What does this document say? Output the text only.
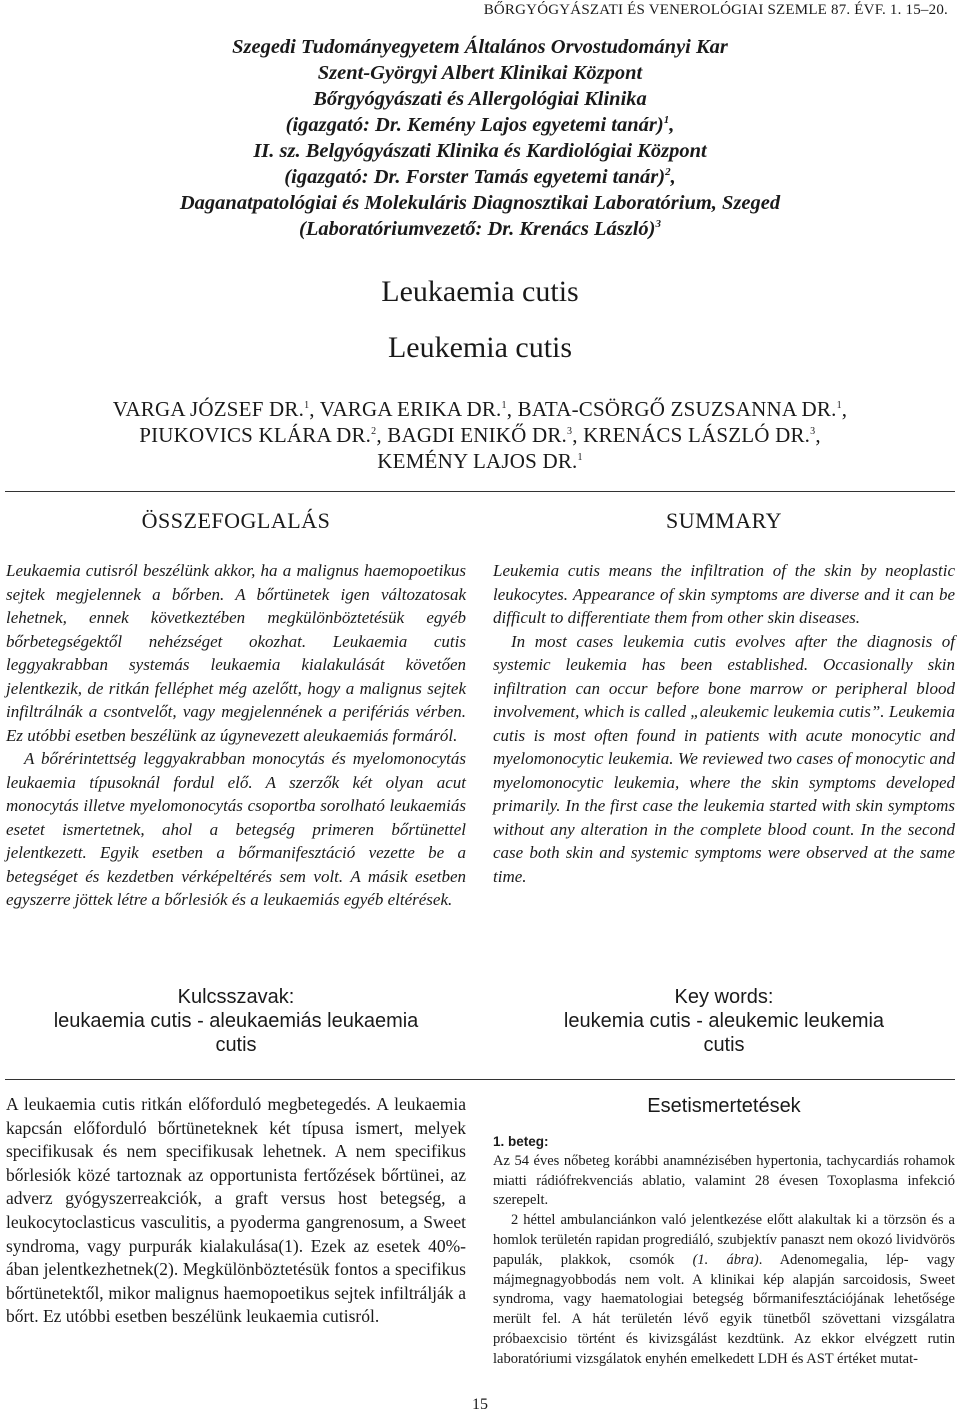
BŐRGYÓGYÁSZATI ÉS VENEROLÓGIAI SZEMLE 87. ÉVF. 1. 15–20.
Szegedi Tudományegyetem Általános Orvostudományi Kar
Szent-Györgyi Albert Klinikai Központ
Bőrgyógyászati és Allergológiai Klinika
(igazgató: Dr. Kemény Lajos egyetemi tanár)$^1$,
II. sz. Belgyógyászati Klinika és Kardiológiai Központ
(igazgató: Dr. Forster Tamás egyetemi tanár)$^2$,
Daganatpatológiai és Molekuláris Diagnosztikai Laboratórium, Szeged
(Laboratóriumvezető: Dr. Krenács László)$^3$
Leukaemia cutis
Leukemia cutis
VARGA JÓZSEF DR.$^1$, VARGA ERIKA DR.$^1$, BATA-CSÖRGŐ ZSUZSANNA DR.$^1$,
PIUKOVICS KLÁRA DR.$^2$, BAGDI ENIKŐ DR.$^3$, KRENÁCS LÁSZLÓ DR.$^3$,
KEMÉNY LAJOS DR.$^1$
ÖSSZEFOGLALÁS

Leukaemia cutisról beszélünk akkor, ha a malignus haemopoetikus sejtek megjelennek a bőrben. A bőrtünetek igen változatosak lehetnek, ennek következtében megkülönböztetésük egyéb bőrbetegségektől nehézséget okozhat. Leukaemia cutis leggyakrabban systemás leukaemia kialakulását követően jelentkezik, de ritkán felléphet még azelőtt, hogy a malignus sejtek infiltrálnák a csontvelőt, vagy megjelennének a perifériás vérben. Ez utóbbi esetben beszélünk az úgynevezett aleukaemiás formáról.

A bőrérintettség leggyakrabban monocytás és myelomonocytás leukaemia típusoknál fordul elő. A szerzők két olyan acut monocytás illetve myelomonocytás csoportba sorolható leukaemiás esetet ismertetnek, ahol a betegség primeren bőrtünettel jelentkezett. Egyik esetben a bőrmanifesztáció vezette be a betegséget és kezdetben vérképeltérés sem volt. A másik esetben egyszerre jöttek létre a bőrlesiók és a leukaemiás egyéb eltérések.

Kulcsszavak:
leukaemia cutis - aleukaemiás leukaemia
cutis
SUMMARY

Leukemia cutis means the infiltration of the skin by neoplastic leukocytes. Appearance of skin symptoms are diverse and it can be difficult to differentiate them from other skin diseases.

In most cases leukemia cutis evolves after the diagnosis of systemic leukemia has been established. Occasionally skin infiltration can occur before bone marrow or peripheral blood involvement, which is called „aleukemic leukemia cutis”. Leukemia cutis is most often found in patients with acute monocytic and myelomonocytic leukemia. We reviewed two cases of monocytic and myelomonocytic leukemia, where the skin symptoms developed primarily. In the first case the leukemia started with skin symptoms without any alteration in the complete blood count. In the second case both skin and systemic symptoms were observed at the same time.

Key words:
leukemia cutis - aleukemic leukemia
cutis

A leukaemia cutis ritkán előforduló megbetegedés. A leukaemia kapcsán előforduló bőrtüneteknek két típusa ismert, melyek specifikusak és nem specifikusak lehetnek. A nem specifikus bőrlesiók közé tartoznak az opportunista fertőzések bőrtünei, az adverz gyógyszerreakciók, a graft versus host betegség, a leukocytoclasticus vasculitis, a pyoderma gangrenosum, a Sweet syndroma, vagy purpurák kialakulása(1). Ezek az esetek 40%-ában jelentkezhetnek(2). Megkülönböztetésük fontos a specifikus bőrtünetektől, mikor malignus haemopoetikus sejtek infiltrálják a bőrt. Ez utóbbi esetben beszélünk leukaemia cutisról.

Esetismertetések
1. beteg:

Az 54 éves nőbeteg korábbi anamnézisében hypertonia, tachycardiás rohamok miatti rádiófrekvenciás ablatio, valamint 28 évesen Toxoplasma infekció szerepelt.

2 héttel ambulanciánkon való jelentkezése előtt alakultak ki a törzsön és a homlok területén rapidan progrediáló, szubjektív panaszt nem okozó lividvörös papulák, plakkok, csomók (1. ábra). Adenomegalia, lép- vagy májmegnagyobbodás nem volt. A klinikai kép alapján sarcoidosis, Sweet syndroma, vagy haematologiai betegség bőrmanifesztációjának lehetősége merült fel. A hát területén lévő egyik tünetből szövettani vizsgálatra próbaexcisio történt és kivizsgálást kezdtünk. Az ekkor elvégzett rutin laboratóriumi vizsgálatok enyhén emelkedett LDH és AST értéket mutat-

15
